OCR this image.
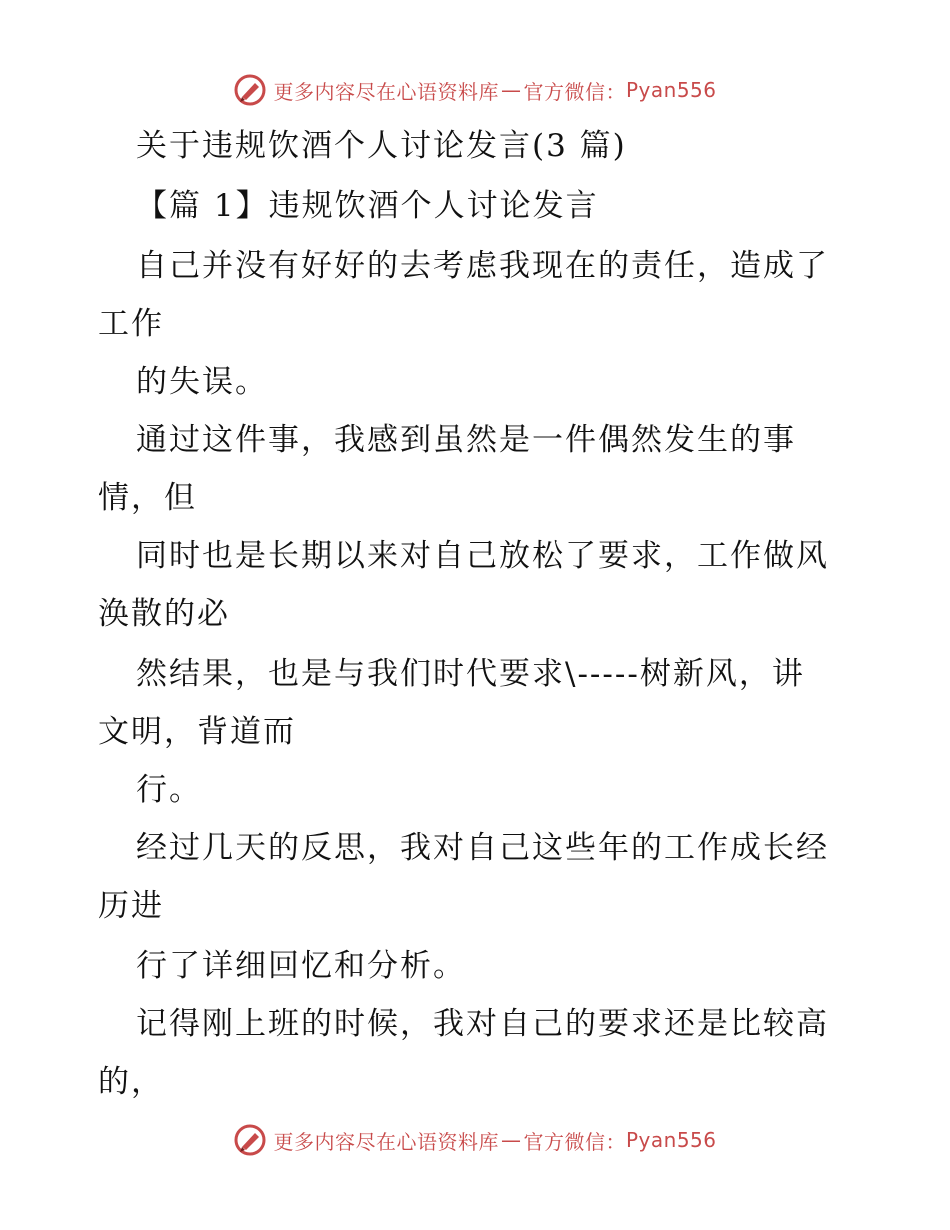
更多内容尽在心语资料库 — 官方微信： Pyan556
关于违规饮酒个人讨论发言(3 篇)
【篇 1】违规饮酒个人讨论发言
自己并没有好好的去考虑我现在的责任，造成了
工作
的失误。
通过这件事，我感到虽然是一件偶然发生的事
情，但
同时也是长期以来对自己放松了要求，工作做风
涣散的必
然结果，也是与我们时代要求\-----树新风，讲
文明，背道而
行。
经过几天的反思，我对自己这些年的工作成长经
历进
行了详细回忆和分析。
记得刚上班的时候，我对自己的要求还是比较高
的，
更多内容尽在心语资料库 — 官方微信： Pyan556
